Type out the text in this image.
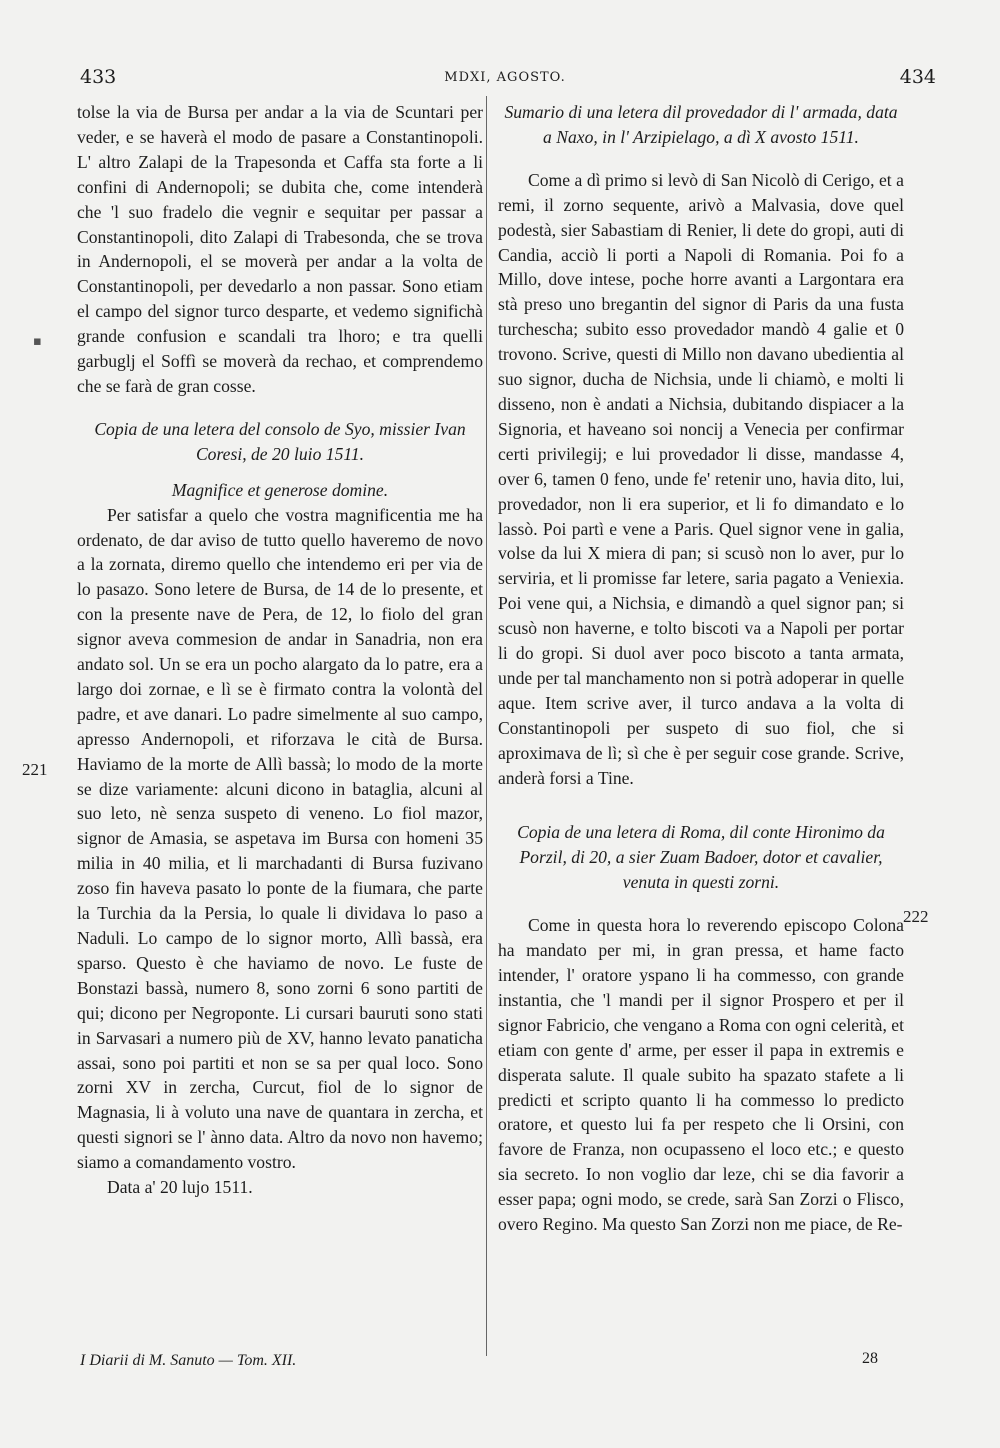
433	MDXI, AGOSTO.	434
▪
221
222

tolse la via de Bursa per andar a la via de Scuntari per veder, e se haverà el modo de pasare a Constantinopoli. L' altro Zalapi de la Trapesonda et Caffa sta forte a li confini di Andernopoli; se dubita che, come intenderà che 'l suo fradelo die vegnir e sequitar per passar a Constantinopoli, dito Zalapi di Trabesonda, che se trova in Andernopoli, el se moverà per andar a la volta de Constantinopoli, per devedarlo a non passar. Sono etiam el campo del signor turco desparte, et vedemo significhà grande confusion e scandali tra lhoro; e tra quelli garbuglj el Soffì se moverà da rechao, et comprendemo che se farà de gran cosse.

Copia de una letera del consolo de Syo, missier Ivan Coresi, de 20 luio 1511.

Magnifice et generose domine.

Per satisfar a quelo che vostra magnificentia me ha ordenato, de dar aviso de tutto quello haveremo de novo a la zornata, diremo quello che intendemo eri per via de lo pasazo. Sono letere de Bursa, de 14 de lo presente, et con la presente nave de Pera, de 12, lo fiolo del gran signor aveva commesion de andar in Sanadria, non era andato sol. Un se era un pocho alargato da lo patre, era a largo doi zornae, e lì se è firmato contra la volontà del padre, et ave danari. Lo padre simelmente al suo campo, apresso Andernopoli, et riforzava le cità de Bursa. Haviamo de la morte de Allì bassà; lo modo de la morte se dize variamente: alcuni dicono in bataglia, alcuni al suo leto, nè senza suspeto di veneno. Lo fiol mazor, signor de Amasia, se aspetava im Bursa con homeni 35 milia in 40 milia, et li marchadanti di Bursa fuzivano zoso fin haveva pasato lo ponte de la fiumara, che parte la Turchia da la Persia, lo quale li dividava lo paso a Naduli. Lo campo de lo signor morto, Allì bassà, era sparso. Questo è che haviamo de novo. Le fuste de Bonstazi bassà, numero 8, sono zorni 6 sono partiti de qui; dicono per Negroponte. Li cursari bauruti sono stati in Sarvasari a numero più de XV, hanno levato panaticha assai, sono poi partiti et non se sa per qual loco. Sono zorni XV in zercha, Curcut, fiol de lo signor de Magnasia, li à voluto una nave de quantara in zercha, et questi signori se l' ànno data. Altro da novo non havemo; siamo a comandamento vostro.

Data a' 20 lujo 1511.

Sumario di una letera dil provedador di l' armada, data a Naxo, in l' Arzipielago, a dì X avosto 1511.

Come a dì primo si levò di San Nicolò di Cerigo, et a remi, il zorno sequente, arivò a Malvasia, dove quel podestà, sier Sabastiam di Renier, li dete do gropi, auti di Candia, acciò li porti a Napoli di Romania. Poi fo a Millo, dove intese, poche horre avanti a Largontara era stà preso uno bregantin del signor di Paris da una fusta turchescha; subito esso provedador mandò 4 galie et 0 trovono. Scrive, questi di Millo non davano ubedientia al suo signor, ducha de Nichsia, unde li chiamò, e molti li disseno, non è andati a Nichsia, dubitando dispiacer a la Signoria, et haveano soi noncij a Venecia per confirmar certi privilegij; e lui provedador li disse, mandasse 4, over 6, tamen 0 feno, unde fe' retenir uno, havia dito, lui, provedador, non li era superior, et li fo dimandato e lo lassò. Poi partì e vene a Paris. Quel signor vene in galia, volse da lui X miera di pan; si scusò non lo aver, pur lo serviria, et li promisse far letere, saria pagato a Veniexia. Poi vene qui, a Nichsia, e dimandò a quel signor pan; si scusò non haverne, e tolto biscoti va a Napoli per portar li do gropi. Si duol aver poco biscoto a tanta armata, unde per tal manchamento non si potrà adoperar in quelle aque. Item scrive aver, il turco andava a la volta di Constantinopoli per suspeto di suo fiol, che si aproximava de lì; sì che è per seguir cose grande. Scrive, anderà forsi a Tine.

Copia de una letera di Roma, dil conte Hironimo da Porzil, di 20, a sier Zuam Badoer, dotor et cavalier, venuta in questi zorni.

Come in questa hora lo reverendo episcopo Colona ha mandato per mi, in gran pressa, et hame facto intender, l' oratore yspano li ha commesso, con grande instantia, che 'l mandi per il signor Prospero et per il signor Fabricio, che vengano a Roma con ogni celerità, et etiam con gente d' arme, per esser il papa in extremis e disperata salute. Il quale subito ha spazato stafete a li predicti et scripto quanto li ha commesso lo predicto oratore, et questo lui fa per respeto che li Orsini, con favore de Franza, non ocupasseno el loco etc.; e questo sia secreto. Io non voglio dar leze, chi se dia favorir a esser papa; ogni modo, se crede, sarà San Zorzi o Flisco, overo Regino. Ma questo San Zorzi non me piace, de Re-

I Diarii di M. Sanuto — Tom. XII.	28
